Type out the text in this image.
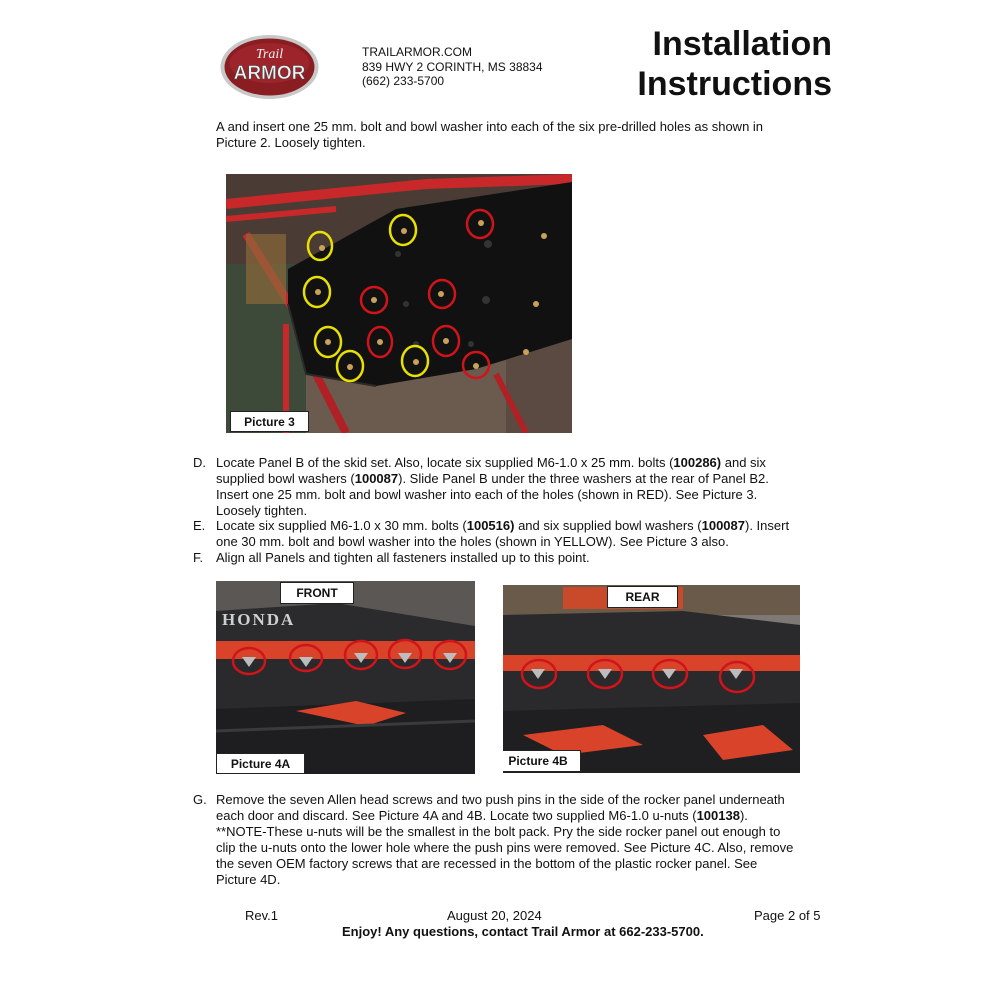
Trail
ARMOR
TRAILARMOR.COM
839 HWY 2 CORINTH, MS 38834
(662) 233-5700
Installation
Instructions
A and insert one 25 mm. bolt and bowl washer into each of the six pre-drilled holes as shown in
Picture 2. Loosely tighten.
Picture 3
D. Locate Panel B of the skid set. Also, locate six supplied M6-1.0 x 25 mm. bolts (100286) and six
supplied bowl washers (100087). Slide Panel B under the three washers at the rear of Panel B2.
Insert one 25 mm. bolt and bowl washer into each of the holes (shown in RED). See Picture 3.
Loosely tighten.
E. Locate six supplied M6-1.0 x 30 mm. bolts (100516) and six supplied bowl washers (100087). Insert
one 30 mm. bolt and bowl washer into the holes (shown in YELLOW). See Picture 3 also.
F. Align all Panels and tighten all fasteners installed up to this point.
HONDA
FRONT
Picture 4A
REAR
Picture 4B
G. Remove the seven Allen head screws and two push pins in the side of the rocker panel underneath
each door and discard. See Picture 4A and 4B. Locate two supplied M6-1.0 u-nuts (100138).
**NOTE-These u-nuts will be the smallest in the bolt pack. Pry the side rocker panel out enough to
clip the u-nuts onto the lower hole where the push pins were removed. See Picture 4C. Also, remove
the seven OEM factory screws that are recessed in the bottom of the plastic rocker panel. See
Picture 4D.
Rev.1	August 20, 2024	Page 2 of 5
Enjoy! Any questions, contact Trail Armor at 662-233-5700.
